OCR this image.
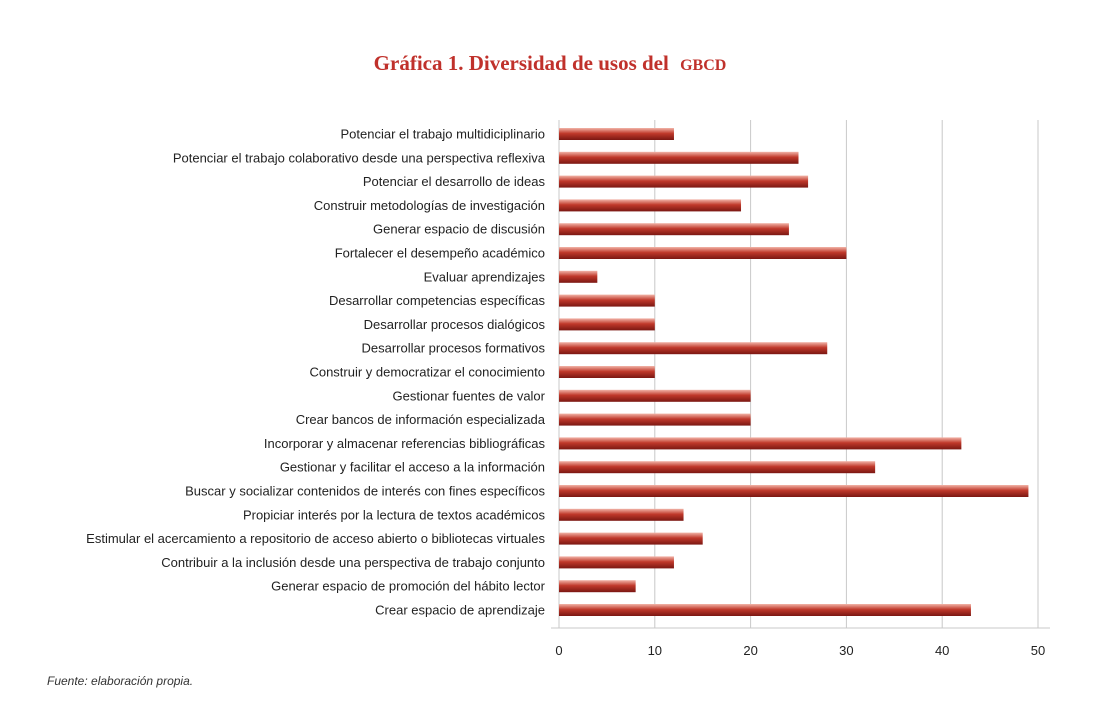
Gráfica 1. Diversidad de usos del GBCD
Potenciar el trabajo multidiciplinario
Potenciar el trabajo colaborativo desde una perspectiva reflexiva
Potenciar el desarrollo de ideas
Construir metodologías de investigación
Generar espacio de discusión
Fortalecer el desempeño académico
Evaluar aprendizajes
Desarrollar competencias específicas
Desarrollar procesos dialógicos
Desarrollar procesos formativos
Construir y democratizar el conocimiento
Gestionar fuentes de valor
Crear bancos de información especializada
Incorporar y almacenar referencias bibliográficas
Gestionar y facilitar el acceso a la información
Buscar y socializar contenidos de interés con fines específicos
Propiciar interés por la lectura de textos académicos
Estimular el acercamiento a repositorio de acceso abierto o bibliotecas virtuales
Contribuir a la inclusión desde una perspectiva de trabajo conjunto
Generar espacio de promoción del hábito lector
Crear espacio de aprendizaje
0	10	20	30	40	50
Fuente: elaboración propia.
